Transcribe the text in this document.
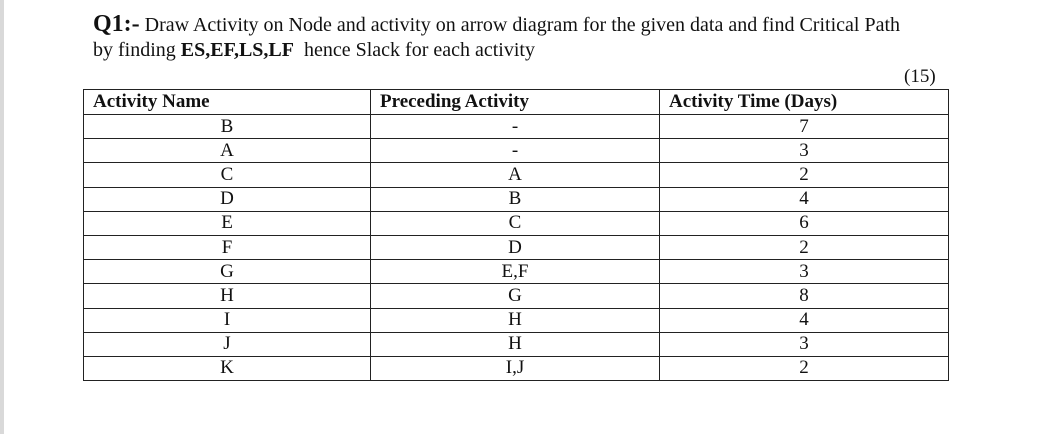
Q1:- Draw Activity on Node and activity on arrow diagram for the given data and find Critical Path
by finding ES,EF,LS,LF  hence Slack for each activity
(15)
Activity Name	Preceding Activity	Activity Time (Days)
B	-	7
A	-	3
C	A	2
D	B	4
E	C	6
F	D	2
G	E,F	3
H	G	8
I	H	4
J	H	3
K	I,J	2
